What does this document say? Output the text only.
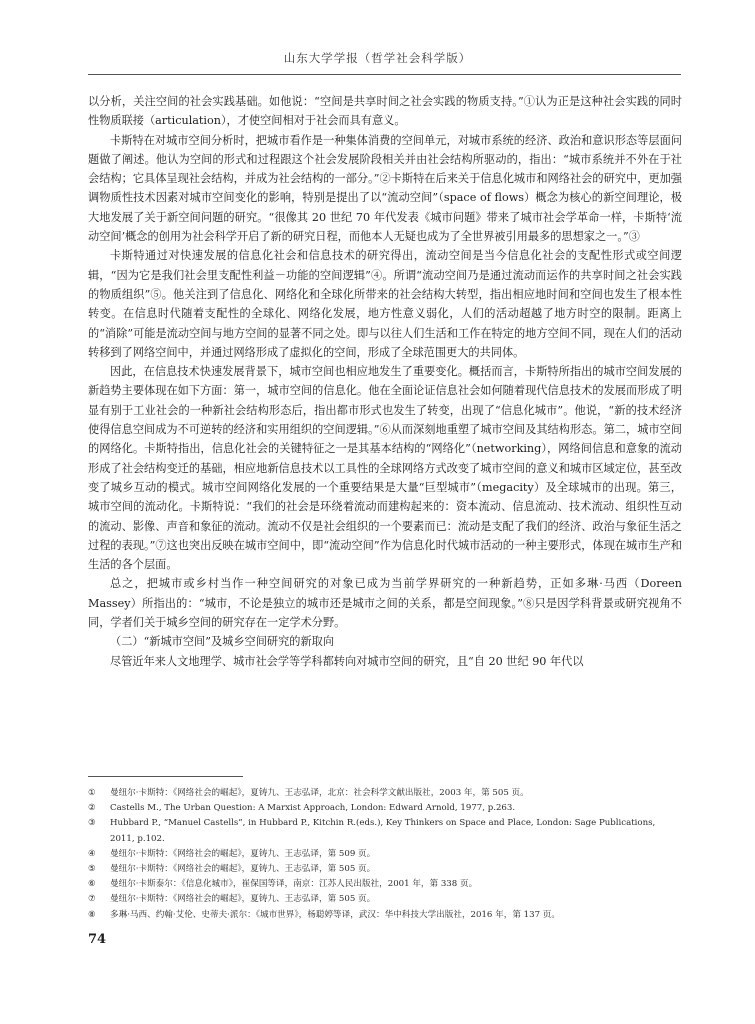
山东大学学报（哲学社会科学版）

以分析，关注空间的社会实践基础。如他说：“空间是共享时间之社会实践的物质支持。”①认为正是这种社会实践的同时性物质联接（articulation），才使空间相对于社会而具有意义。

卡斯特在对城市空间分析时，把城市看作是一种集体消费的空间单元，对城市系统的经济、政治和意识形态等层面问题做了阐述。他认为空间的形式和过程跟这个社会发展阶段相关并由社会结构所驱动的，指出：“城市系统并不外在于社会结构；它具体呈现社会结构，并成为社会结构的一部分。”②卡斯特在后来关于信息化城市和网络社会的研究中，更加强调物质性技术因素对城市空间变化的影响，特别是提出了以“流动空间”（space of flows）概念为核心的新空间理论，极大地发展了关于新空间问题的研究。“很像其 20 世纪 70 年代发表《城市问题》带来了城市社会学革命一样，卡斯特‘流动空间’概念的创用为社会科学开启了新的研究日程，而他本人无疑也成为了全世界被引用最多的思想家之一。”③

卡斯特通过对快速发展的信息化社会和信息技术的研究得出，流动空间是当今信息化社会的支配性形式或空间逻辑，“因为它是我们社会里支配性利益－功能的空间逻辑”④。所谓“流动空间乃是通过流动而运作的共享时间之社会实践的物质组织”⑤。他关注到了信息化、网络化和全球化所带来的社会结构大转型，指出相应地时间和空间也发生了根本性转变。在信息时代随着支配性的全球化、网络化发展，地方性意义弱化，人们的活动超越了地方时空的限制。距离上的“消除”可能是流动空间与地方空间的显著不同之处。即与以往人们生活和工作在特定的地方空间不同，现在人们的活动转移到了网络空间中，并通过网络形成了虚拟化的空间，形成了全球范围更大的共同体。

因此，在信息技术快速发展背景下，城市空间也相应地发生了重要变化。概括而言，卡斯特所指出的城市空间发展的新趋势主要体现在如下方面：第一，城市空间的信息化。他在全面论证信息社会如何随着现代信息技术的发展而形成了明显有别于工业社会的一种新社会结构形态后，指出都市形式也发生了转变，出现了“信息化城市”。他说，“新的技术经济使得信息空间成为不可逆转的经济和实用组织的空间逻辑。”⑥从而深刻地重塑了城市空间及其结构形态。第二，城市空间的网络化。卡斯特指出，信息化社会的关键特征之一是其基本结构的“网络化”（networking），网络间信息和意象的流动形成了社会结构变迁的基础，相应地新信息技术以工具性的全球网络方式改变了城市空间的意义和城市区域定位，甚至改变了城乡互动的模式。城市空间网络化发展的一个重要结果是大量“巨型城市”（megacity）及全球城市的出现。第三，城市空间的流动化。卡斯特说：“我们的社会是环绕着流动而建构起来的：资本流动、信息流动、技术流动、组织性互动的流动、影像、声音和象征的流动。流动不仅是社会组织的一个要素而已：流动是支配了我们的经济、政治与象征生活之过程的表现。”⑦这也突出反映在城市空间中，即“流动空间”作为信息化时代城市活动的一种主要形式，体现在城市生产和生活的各个层面。

总之，把城市或乡村当作一种空间研究的对象已成为当前学界研究的一种新趋势，正如多琳·马西（Doreen Massey）所指出的：“城市，不论是独立的城市还是城市之间的关系，都是空间现象。”⑧只是因学科背景或研究视角不同，学者们关于城乡空间的研究存在一定学术分野。

（二）“新城市空间”及城乡空间研究的新取向

尽管近年来人文地理学、城市社会学等学科都转向对城市空间的研究，且“自 20 世纪 90 年代以

①	曼纽尔·卡斯特：《网络社会的崛起》，夏铸九、王志弘译，北京：社会科学文献出版社，2003 年，第 505 页。
②	Castells M., The Urban Question: A Marxist Approach, London: Edward Arnold, 1977, p.263.
③	Hubbard P., “Manuel Castells”, in Hubbard P., Kitchin R.(eds.), Key Thinkers on Space and Place, London: Sage Publications, 2011, p.102.
④	曼纽尔·卡斯特：《网络社会的崛起》，夏铸九、王志弘译，第 509 页。
⑤	曼纽尔·卡斯特：《网络社会的崛起》，夏铸九、王志弘译，第 505 页。
⑥	曼纽尔·卡斯泰尔：《信息化城市》，崔保国等译，南京：江苏人民出版社，2001 年，第 338 页。
⑦	曼纽尔·卡斯特：《网络社会的崛起》，夏铸九、王志弘译，第 505 页。
⑧	多琳·马西、约翰·艾伦、史蒂夫·派尔：《城市世界》，杨聪婷等译，武汉：华中科技大学出版社，2016 年，第 137 页。
74
